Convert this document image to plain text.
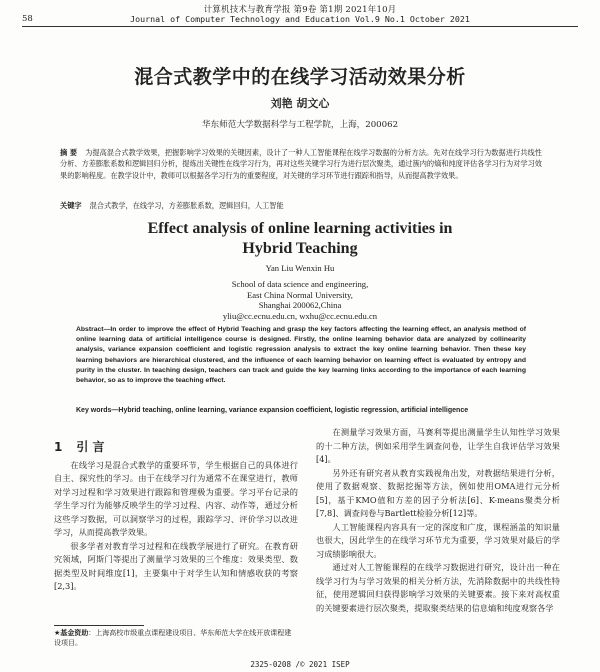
计算机技术与教育学报 第9卷 第1期 2021年10月
58	Journal of Computer Technology and Education Vol.9 No.1 October 2021
混合式教学中的在线学习活动效果分析
刘艳 胡文心
华东师范大学数据科学与工程学院，上海，200062
摘 要 为提高混合式教学效果，把握影响学习效果的关键因素，设计了一种人工智能课程在线学习数据的分析方法。先对在线学习行为数据进行共线性分析、方差膨胀系数和逻辑回归分析，提炼出关键性在线学习行为，再对这些关键学习行为进行层次聚类，通过簇内的熵和纯度评估各学习行为对学习效果的影响程度。在教学设计中，教师可以根据各学习行为的重要程度，对关键的学习环节进行跟踪和指导，从而提高教学效果。
关键字 混合式教学，在线学习，方差膨胀系数，逻辑回归，人工智能
Effect analysis of online learning activities in
Hybrid Teaching
Yan Liu Wenxin Hu
School of data science and engineering,
East China Normal University,
Shanghai 200062,China
yliu@cc.ecnu.edu.cn, wxhu@cc.ecnu.edu.cn
Abstract—In order to improve the effect of Hybrid Teaching and grasp the key factors affecting the learning effect, an analysis method of online learning data of artificial intelligence course is designed. Firstly, the online learning behavior data are analyzed by collinearity analysis, variance expansion coefficient and logistic regression analysis to extract the key online learning behavior. Then these key learning behaviors are hierarchical clustered, and the influence of each learning behavior on learning effect is evaluated by entropy and purity in the cluster. In teaching design, teachers can track and guide the key learning links according to the importance of each learning behavior, so as to improve the teaching effect.
Key words—Hybrid teaching, online learning, variance expansion coefficient, logistic regression, artificial intelligence
1 引 言

在线学习是混合式教学的重要环节，学生根据自己的具体进行自主、探究性的学习。由于在线学习行为通常不在课堂进行，教师对学习过程和学习效果进行跟踪和管理极为重要。学习平台记录的学生学习行为能够反映学生的学习过程、内容、动作等，通过分析这些学习数据，可以洞察学习的过程，跟踪学习、评价学习以改进学习，从而提高教学效果。

很多学者对教育学习过程和在线教学展进行了研究。在教育研究领域，阿斯门等提出了测量学习效果的三个维度：效果类型、数据类型及时间维度[1]，主要集中于对学生认知和情感收获的考察[2,3]。

在测量学习效果方面，马赛利等提出测量学生认知性学习效果的十二种方法，例如采用学生调查问卷，让学生自我评估学习效果[4]。

另外还有研究者从教育实践视角出发，对教据结果进行分析，使用了数据观察、数据挖掘等方法，例如使用OMA进行元分析[5]，基于KMO值和方差的因子分析法[6]、K-means聚类分析[7,8]、调查问卷与Bartlett检验分析[12]等。

人工智能课程内容具有一定的深度和广度，课程涵盖的知识量也很大，因此学生的在线学习环节尤为重要，学习效果对最后的学习成绩影响很大。

通过对人工智能课程的在线学习数据进行研究，设计出一种在线学习行为与学习效果的相关分析方法，先消除数据中的共线性特征，使用逻辑回归获得影响学习效果的关键要素。接下来对高权重的关键要素进行层次聚类，提取聚类结果的信息熵和纯度观察各学

★基金资助：上海高校市级重点课程建设项目、华东师范大学在线开放课程建设项目。
2325-0208 /© 2021 ISEP
